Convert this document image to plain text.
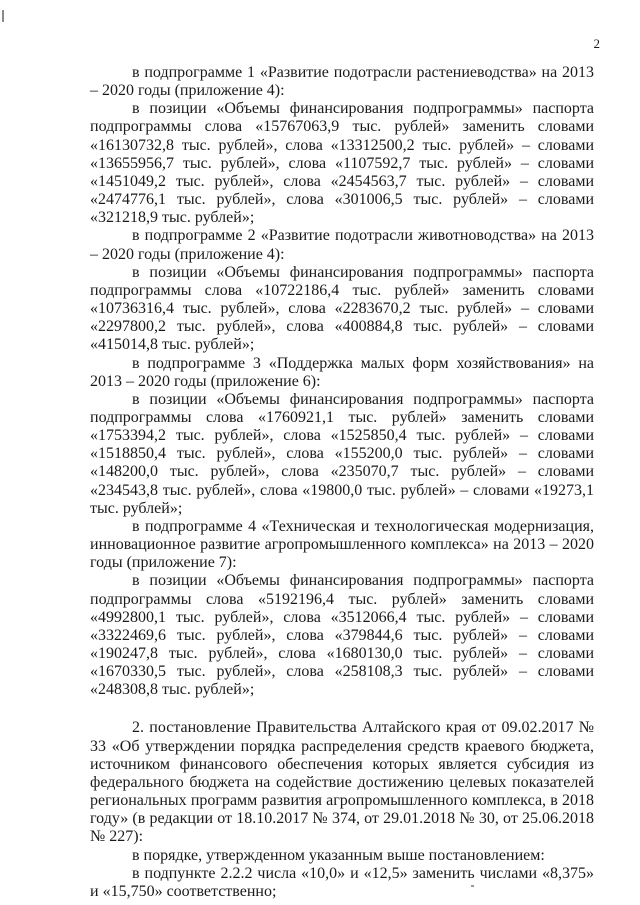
2

в подпрограмме 1 «Развитие подотрасли растениеводства» на 2013 – 2020 годы (приложение 4):

в позиции «Объемы финансирования подпрограммы» паспорта подпрограммы слова «15767063,9 тыс. рублей» заменить словами «16130732,8 тыс. рублей», слова «13312500,2 тыс. рублей» – словами «13655956,7 тыс. рублей», слова «1107592,7 тыс. рублей» – словами «1451049,2 тыс. рублей», слова «2454563,7 тыс. рублей» – словами «2474776,1 тыс. рублей», слова «301006,5 тыс. рублей» – словами «321218,9 тыс. рублей»;

в подпрограмме 2 «Развитие подотрасли животноводства» на 2013 – 2020 годы (приложение 4):

в позиции «Объемы финансирования подпрограммы» паспорта подпрограммы слова «10722186,4 тыс. рублей» заменить словами «10736316,4 тыс. рублей», слова «2283670,2 тыс. рублей» – словами «2297800,2 тыс. рублей», слова «400884,8 тыс. рублей» – словами «415014,8 тыс. рублей»;

в подпрограмме 3 «Поддержка малых форм хозяйствования» на 2013 – 2020 годы (приложение 6):

в позиции «Объемы финансирования подпрограммы» паспорта подпрограммы слова «1760921,1 тыс. рублей» заменить словами «1753394,2 тыс. рублей», слова «1525850,4 тыс. рублей» – словами «1518850,4 тыс. рублей», слова «155200,0 тыс. рублей» – словами «148200,0 тыс. рублей», слова «235070,7 тыс. рублей» – словами «234543,8 тыс. рублей», слова «19800,0 тыс. рублей» – словами «19273,1 тыс. рублей»;

в подпрограмме 4 «Техническая и технологическая модернизация, инновационное развитие агропромышленного комплекса» на 2013 – 2020 годы (приложение 7):

в позиции «Объемы финансирования подпрограммы» паспорта подпрограммы слова «5192196,4 тыс. рублей» заменить словами «4992800,1 тыс. рублей», слова «3512066,4 тыс. рублей» – словами «3322469,6 тыс. рублей», слова «379844,6 тыс. рублей» – словами «190247,8 тыс. рублей», слова «1680130,0 тыс. рублей» – словами «1670330,5 тыс. рублей», слова «258108,3 тыс. рублей» – словами «248308,8 тыс. рублей»;

2. постановление Правительства Алтайского края от 09.02.2017 № 33 «Об утверждении порядка распределения средств краевого бюджета, источником финансового обеспечения которых является субсидия из федерального бюджета на содействие достижению целевых показателей региональных программ развития агропромышленного комплекса, в 2018 году» (в редакции от 18.10.2017 № 374, от 29.01.2018 № 30, от 25.06.2018 № 227):

в порядке, утвержденном указанным выше постановлением:

в подпункте 2.2.2 числа «10,0» и «12,5» заменить числами «8,375» и «15,750» соответственно;
